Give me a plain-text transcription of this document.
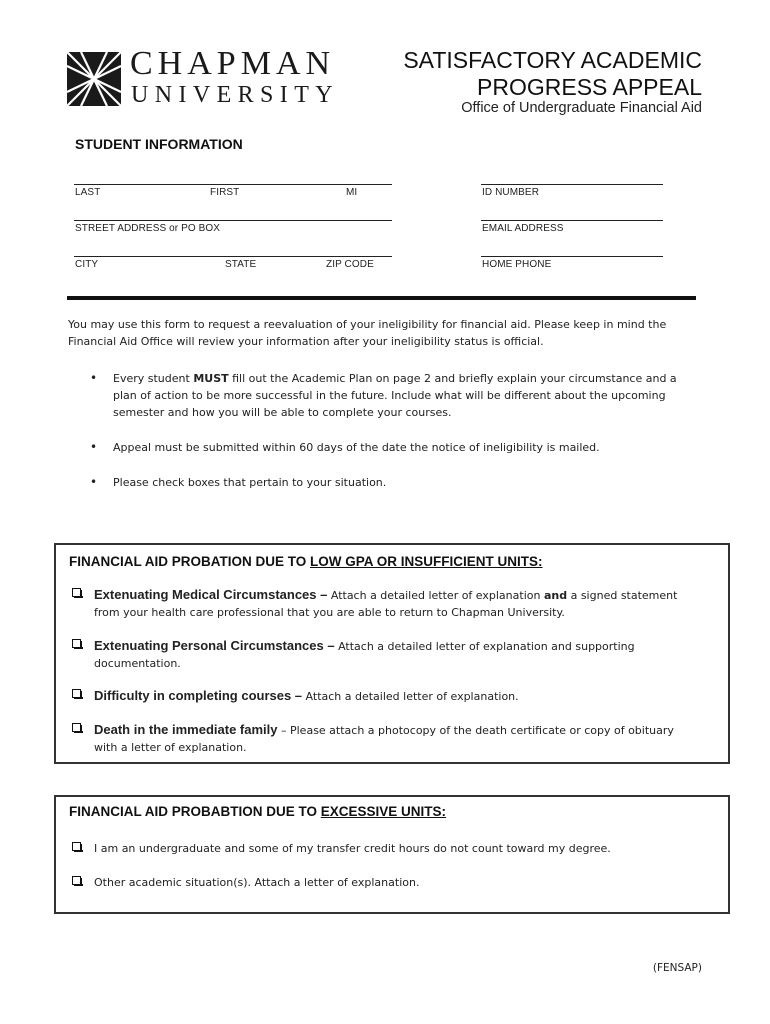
CHAPMAN
UNIVERSITY
SATISFACTORY ACADEMIC
PROGRESS APPEAL
Office of Undergraduate Financial Aid
STUDENT INFORMATION
LAST	FIRST	MI	ID NUMBER
STREET ADDRESS or PO BOX	EMAIL ADDRESS
CITY	STATE	ZIP CODE	HOME PHONE
You may use this form to request a reevaluation of your ineligibility for financial aid. Please keep in mind the Financial Aid Office will review your information after your ineligibility status is official.
• Every student MUST fill out the Academic Plan on page 2 and briefly explain your circumstance and a plan of action to be more successful in the future. Include what will be different about the upcoming semester and how you will be able to complete your courses.
• Appeal must be submitted within 60 days of the date the notice of ineligibility is mailed.
• Please check boxes that pertain to your situation.
FINANCIAL AID PROBATION DUE TO LOW GPA OR INSUFFICIENT UNITS:
Extenuating Medical Circumstances – Attach a detailed letter of explanation and a signed statement from your health care professional that you are able to return to Chapman University.
Extenuating Personal Circumstances – Attach a detailed letter of explanation and supporting documentation.
Difficulty in completing courses – Attach a detailed letter of explanation.
Death in the immediate family – Please attach a photocopy of the death certificate or copy of obituary with a letter of explanation.
FINANCIAL AID PROBABTION DUE TO EXCESSIVE UNITS:
I am an undergraduate and some of my transfer credit hours do not count toward my degree.
Other academic situation(s). Attach a letter of explanation.
(FENSAP)
